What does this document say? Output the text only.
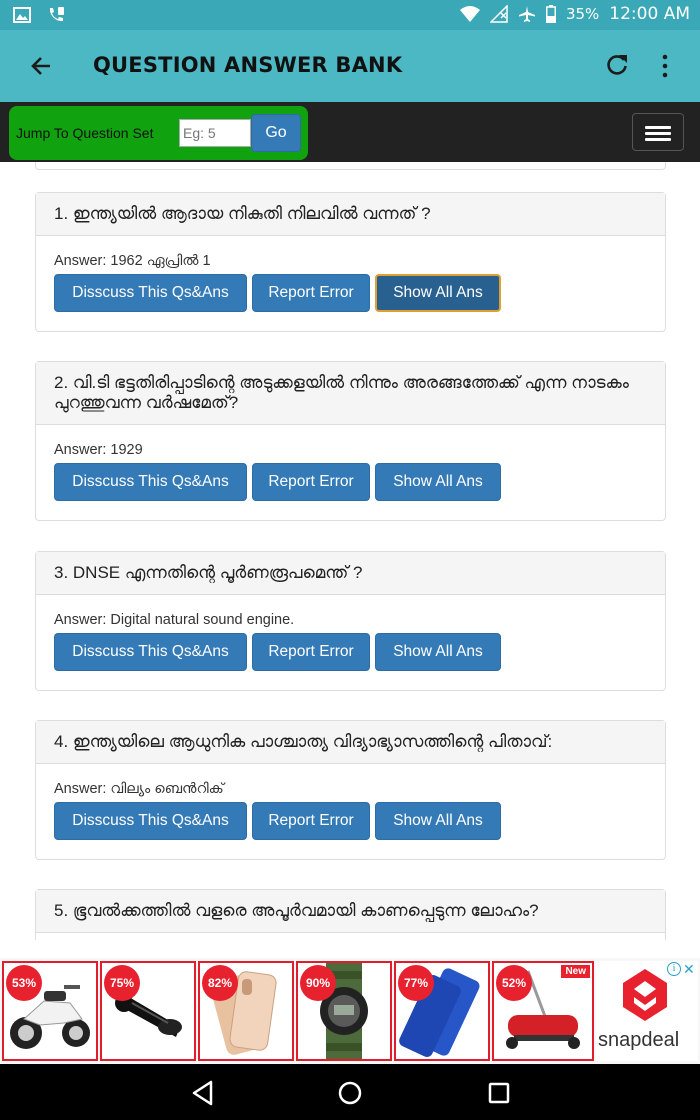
35% 12:00 AM
QUESTION ANSWER BANK
Jump To Question Set
Eg: 5	Go
1. ഇന്ത്യയിൽ ആദായ നികുതി നിലവിൽ വന്നത് ?
Answer: 1962 ഏപ്രിൽ 1
Disscuss This Qs&Ans	Report Error	Show All Ans
2. വി.ടി ഭട്ടതിരിപ്പാടിന്റെ അടുക്കളയിൽ നിന്നും അരങ്ങത്തേക്ക് എന്ന നാടകം പുറത്തുവന്ന വർഷമേത്?
Answer: 1929
Disscuss This Qs&Ans	Report Error	Show All Ans
3. DNSE എന്നതിന്റെ പൂർണരൂപമെന്ത് ?
Answer: Digital natural sound engine.
Disscuss This Qs&Ans	Report Error	Show All Ans
4. ഇന്ത്യയിലെ ആധുനിക പാശ്ചാത്യ വിദ്യാഭ്യാസത്തിന്റെ പിതാവ്:
Answer: വില്യം ബെൻറിക്
Disscuss This Qs&Ans	Report Error	Show All Ans
5. ഭൂവൽക്കത്തിൽ വളരെ അപൂർവമായി കാണപ്പെടുന്ന ലോഹം?
53%	75%	82%	90%	77%	52%
New
snapdeal
i ✕
